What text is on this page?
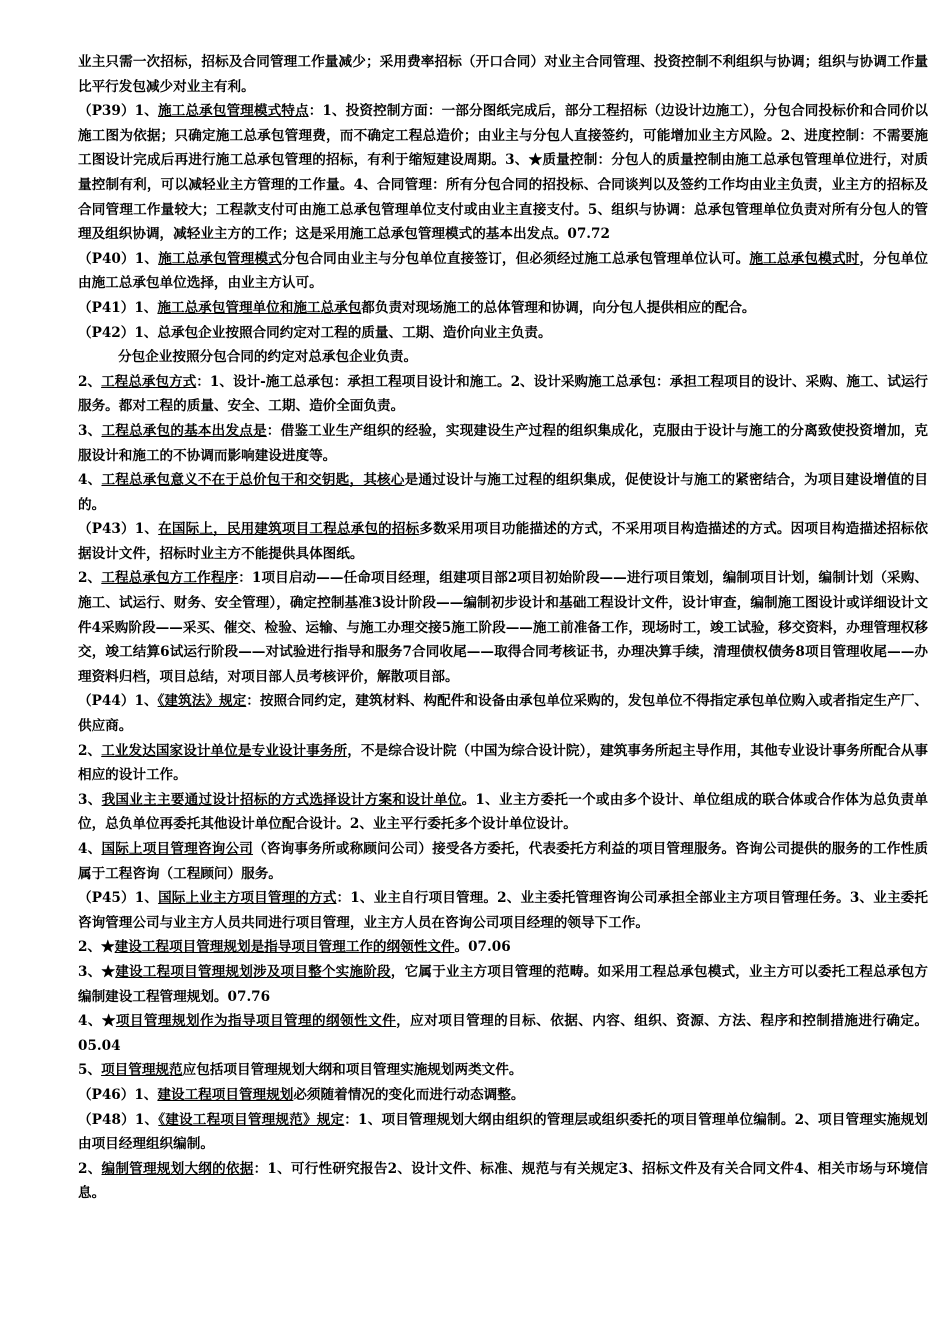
业主只需一次招标，招标及合同管理工作量减少；采用费率招标（开口合同）对业主合同管理、投资控制不利组织与协调；组织与协调工作量比平行发包减少对业主有利。

（P39）1、施工总承包管理模式特点：1、投资控制方面：一部分图纸完成后，部分工程招标（边设计边施工），分包合同投标价和合同价以施工图为依据；只确定施工总承包管理费，而不确定工程总造价；由业主与分包人直接签约，可能增加业主方风险。2、进度控制：不需要施工图设计完成后再进行施工总承包管理的招标，有利于缩短建设周期。3、★质量控制：分包人的质量控制由施工总承包管理单位进行，对质量控制有利，可以减轻业主方管理的工作量。4、合同管理：所有分包合同的招投标、合同谈判以及签约工作均由业主负责，业主方的招标及合同管理工作量较大；工程款支付可由施工总承包管理单位支付或由业主直接支付。5、组织与协调：总承包管理单位负责对所有分包人的管理及组织协调，减轻业主方的工作；这是采用施工总承包管理模式的基本出发点。07.72

（P40）1、施工总承包管理模式分包合同由业主与分包单位直接签订，但必须经过施工总承包管理单位认可。施工总承包模式时，分包单位由施工总承包单位选择，由业主方认可。

（P41）1、施工总承包管理单位和施工总承包都负责对现场施工的总体管理和协调，向分包人提供相应的配合。

（P42）1、总承包企业按照合同约定对工程的质量、工期、造价向业主负责。

分包企业按照分包合同的约定对总承包企业负责。

2、工程总承包方式：1、设计-施工总承包：承担工程项目设计和施工。2、设计采购施工总承包：承担工程项目的设计、采购、施工、试运行服务。都对工程的质量、安全、工期、造价全面负责。

3、工程总承包的基本出发点是：借鉴工业生产组织的经验，实现建设生产过程的组织集成化，克服由于设计与施工的分离致使投资增加，克服设计和施工的不协调而影响建设进度等。

4、工程总承包意义不在于总价包干和交钥匙，其核心是通过设计与施工过程的组织集成，促使设计与施工的紧密结合，为项目建设增值的目的。

（P43）1、在国际上，民用建筑项目工程总承包的招标多数采用项目功能描述的方式，不采用项目构造描述的方式。因项目构造描述招标依据设计文件，招标时业主方不能提供具体图纸。

2、工程总承包方工作程序：1项目启动——任命项目经理，组建项目部2项目初始阶段——进行项目策划，编制项目计划，编制计划（采购、施工、试运行、财务、安全管理），确定控制基准3设计阶段——编制初步设计和基础工程设计文件，设计审查，编制施工图设计或详细设计文件4采购阶段——采买、催交、检验、运输、与施工办理交接5施工阶段——施工前准备工作，现场时工，竣工试验，移交资料，办理管理权移交，竣工结算6试运行阶段——对试验进行指导和服务7合同收尾——取得合同考核证书，办理决算手续，清理债权债务8项目管理收尾——办理资料归档，项目总结，对项目部人员考核评价，解散项目部。

（P44）1、《建筑法》规定：按照合同约定，建筑材料、构配件和设备由承包单位采购的，发包单位不得指定承包单位购入或者指定生产厂、供应商。

2、工业发达国家设计单位是专业设计事务所，不是综合设计院（中国为综合设计院），建筑事务所起主导作用，其他专业设计事务所配合从事相应的设计工作。

3、我国业主主要通过设计招标的方式选择设计方案和设计单位。1、业主方委托一个或由多个设计、单位组成的联合体或合作体为总负责单位，总负单位再委托其他设计单位配合设计。2、业主平行委托多个设计单位设计。

4、国际上项目管理咨询公司（咨询事务所或称顾问公司）接受各方委托，代表委托方利益的项目管理服务。咨询公司提供的服务的工作性质属于工程咨询（工程顾问）服务。

（P45）1、国际上业主方项目管理的方式：1、业主自行项目管理。2、业主委托管理咨询公司承担全部业主方项目管理任务。3、业主委托咨询管理公司与业主方人员共同进行项目管理，业主方人员在咨询公司项目经理的领导下工作。

2、★建设工程项目管理规划是指导项目管理工作的纲领性文件。07.06

3、★建设工程项目管理规划涉及项目整个实施阶段，它属于业主方项目管理的范畴。如采用工程总承包模式，业主方可以委托工程总承包方编制建设工程管理规划。07.76

4、★项目管理规划作为指导项目管理的纲领性文件，应对项目管理的目标、依据、内容、组织、资源、方法、程序和控制措施进行确定。05.04

5、项目管理规范应包括项目管理规划大纲和项目管理实施规划两类文件。

（P46）1、建设工程项目管理规划必须随着情况的变化而进行动态调整。

（P48）1、《建设工程项目管理规范》规定：1、项目管理规划大纲由组织的管理层或组织委托的项目管理单位编制。2、项目管理实施规划由项目经理组织编制。

2、编制管理规划大纲的依据：1、可行性研究报告2、设计文件、标准、规范与有关规定3、招标文件及有关合同文件4、相关市场与环境信息。
